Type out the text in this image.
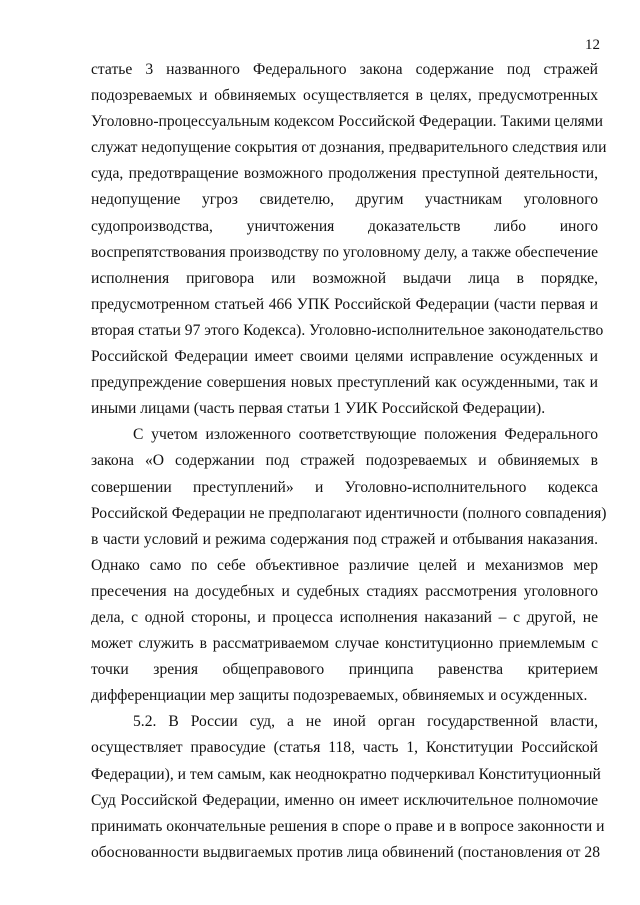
12
статье 3 названного Федерального закона содержание под стражей
подозреваемых и обвиняемых осуществляется в целях, предусмотренных
Уголовно-процессуальным кодексом Российской Федерации. Такими целями
служат недопущение сокрытия от дознания, предварительного следствия или
суда, предотвращение возможного продолжения преступной деятельности,
недопущение угроз свидетелю, другим участникам уголовного
судопроизводства, уничтожения доказательств либо иного
воспрепятствования производству по уголовному делу, а также обеспечение
исполнения приговора или возможной выдачи лица в порядке,
предусмотренном статьей 466 УПК Российской Федерации (части первая и
вторая статьи 97 этого Кодекса). Уголовно-исполнительное законодательство
Российской Федерации имеет своими целями исправление осужденных и
предупреждение совершения новых преступлений как осужденными, так и
иными лицами (часть первая статьи 1 УИК Российской Федерации).
С учетом изложенного соответствующие положения Федерального
закона «О содержании под стражей подозреваемых и обвиняемых в
совершении преступлений» и Уголовно-исполнительного кодекса
Российской Федерации не предполагают идентичности (полного совпадения)
в части условий и режима содержания под стражей и отбывания наказания.
Однако само по себе объективное различие целей и механизмов мер
пресечения на досудебных и судебных стадиях рассмотрения уголовного
дела, с одной стороны, и процесса исполнения наказаний – с другой, не
может служить в рассматриваемом случае конституционно приемлемым с
точки зрения общеправового принципа равенства критерием
дифференциации мер защиты подозреваемых, обвиняемых и осужденных.
5.2. В России суд, а не иной орган государственной власти,
осуществляет правосудие (статья 118, часть 1, Конституции Российской
Федерации), и тем самым, как неоднократно подчеркивал Конституционный
Суд Российской Федерации, именно он имеет исключительное полномочие
принимать окончательные решения в споре о праве и в вопросе законности и
обоснованности выдвигаемых против лица обвинений (постановления от 28
